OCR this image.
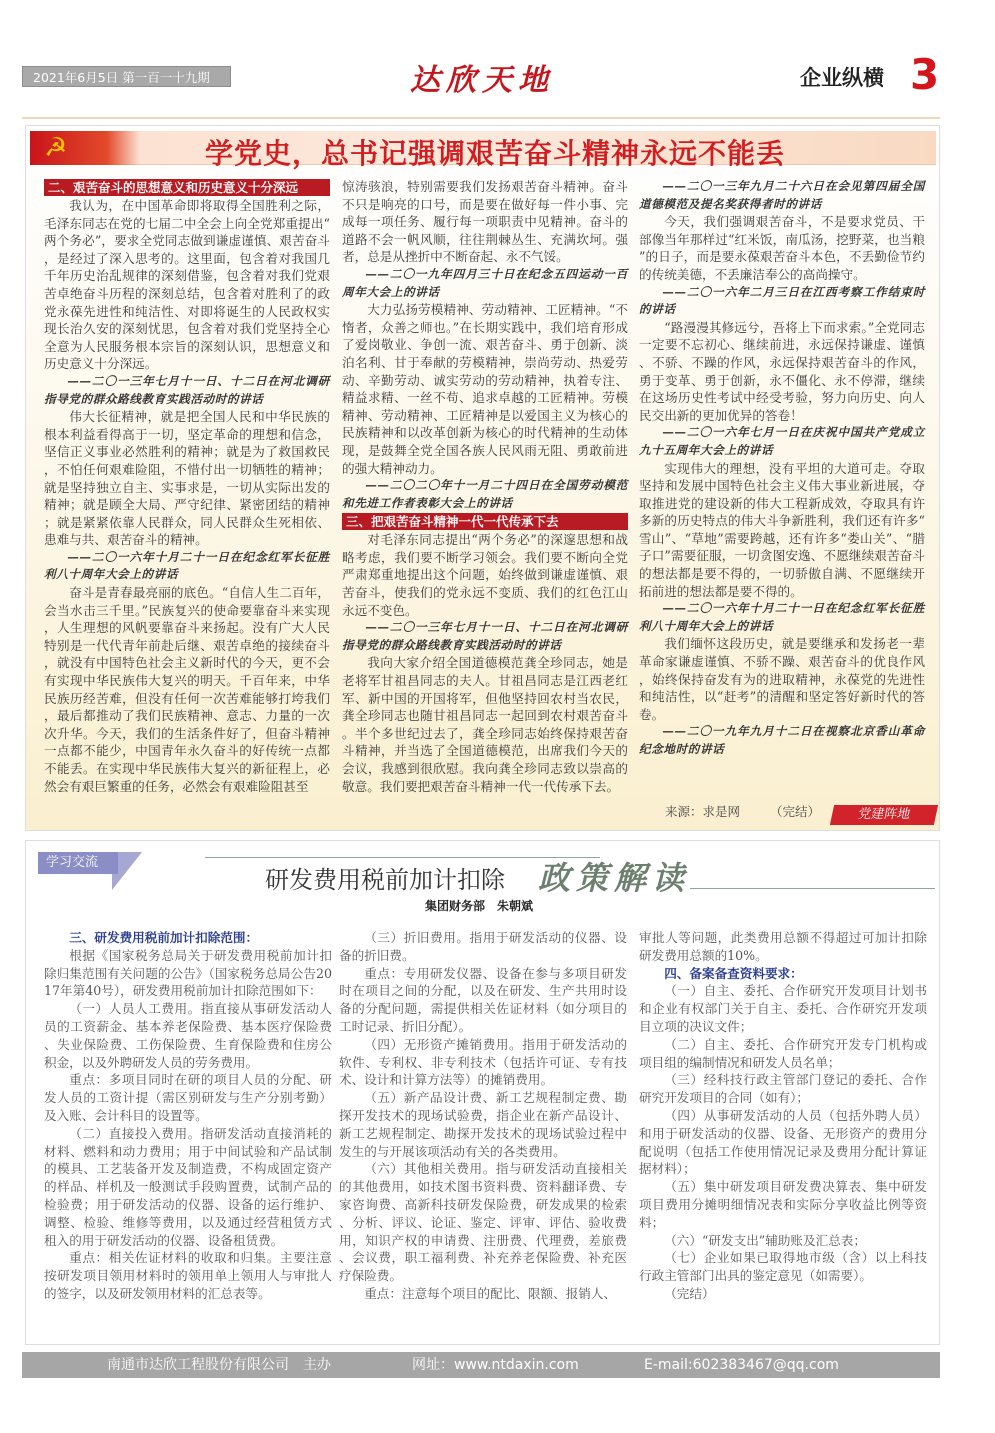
2021年6月5日 第一百一十九期	达欣天地	企业纵横 3
☭	学党史，总书记强调艰苦奋斗精神永远不能丢
二、艰苦奋斗的思想意义和历史意义十分深远

我认为，在中国革命即将取得全国胜利之际，毛泽东同志在党的七届二中全会上向全党郑重提出“两个务必”，要求全党同志做到谦虚谨慎、艰苦奋斗，是经过了深入思考的。这里面，包含着对我国几千年历史治乱规律的深刻借鉴，包含着对我们党艰苦卓绝奋斗历程的深刻总结，包含着对胜利了的政党永葆先进性和纯洁性、对即将诞生的人民政权实现长治久安的深刻忧思，包含着对我们党坚持全心全意为人民服务根本宗旨的深刻认识，思想意义和历史意义十分深远。

——二〇一三年七月十一日、十二日在河北调研指导党的群众路线教育实践活动时的讲话

伟大长征精神，就是把全国人民和中华民族的根本利益看得高于一切，坚定革命的理想和信念，坚信正义事业必然胜利的精神；就是为了救国救民，不怕任何艰难险阻，不惜付出一切牺牲的精神；就是坚持独立自主、实事求是，一切从实际出发的精神；就是顾全大局、严守纪律、紧密团结的精神；就是紧紧依靠人民群众，同人民群众生死相依、患难与共、艰苦奋斗的精神。

——二〇一六年十月二十一日在纪念红军长征胜利八十周年大会上的讲话

奋斗是青春最亮丽的底色。“自信人生二百年，会当水击三千里。”民族复兴的使命要靠奋斗来实现，人生理想的风帆要靠奋斗来扬起。没有广大人民特别是一代代青年前赴后继、艰苦卓绝的接续奋斗，就没有中国特色社会主义新时代的今天，更不会有实现中华民族伟大复兴的明天。千百年来，中华民族历经苦难，但没有任何一次苦难能够打垮我们，最后都推动了我们民族精神、意志、力量的一次次升华。今天，我们的生活条件好了，但奋斗精神一点都不能少，中国青年永久奋斗的好传统一点都不能丢。在实现中华民族伟大复兴的新征程上，必然会有艰巨繁重的任务，必然会有艰难险阻甚至

惊涛骇浪，特别需要我们发扬艰苦奋斗精神。奋斗不只是响亮的口号，而是要在做好每一件小事、完成每一项任务、履行每一项职责中见精神。奋斗的道路不会一帆风顺，往往荆棘丛生、充满坎坷。强者，总是从挫折中不断奋起、永不气馁。

——二〇一九年四月三十日在纪念五四运动一百周年大会上的讲话

大力弘扬劳模精神、劳动精神、工匠精神。“不惰者，众善之师也。”在长期实践中，我们培育形成了爱岗敬业、争创一流、艰苦奋斗、勇于创新、淡泊名利、甘于奉献的劳模精神，崇尚劳动、热爱劳动、辛勤劳动、诚实劳动的劳动精神，执着专注、精益求精、一丝不苟、追求卓越的工匠精神。劳模精神、劳动精神、工匠精神是以爱国主义为核心的民族精神和以改革创新为核心的时代精神的生动体现，是鼓舞全党全国各族人民风雨无阻、勇敢前进的强大精神动力。

——二〇二〇年十一月二十四日在全国劳动模范和先进工作者表彰大会上的讲话

三、把艰苦奋斗精神一代一代传承下去

对毛泽东同志提出“两个务必”的深邃思想和战略考虑，我们要不断学习领会。我们要不断向全党严肃郑重地提出这个问题，始终做到谦虚谨慎、艰苦奋斗，使我们的党永远不变质、我们的红色江山永远不变色。

——二〇一三年七月十一日、十二日在河北调研指导党的群众路线教育实践活动时的讲话

我向大家介绍全国道德模范龚全珍同志，她是老将军甘祖昌同志的夫人。甘祖昌同志是江西老红军、新中国的开国将军，但他坚持回农村当农民，龚全珍同志也随甘祖昌同志一起回到农村艰苦奋斗。半个多世纪过去了，龚全珍同志始终保持艰苦奋斗精神，并当选了全国道德模范，出席我们今天的会议，我感到很欣慰。我向龚全珍同志致以崇高的敬意。我们要把艰苦奋斗精神一代一代传承下去。

——二〇一三年九月二十六日在会见第四届全国道德模范及提名奖获得者时的讲话

今天，我们强调艰苦奋斗，不是要求党员、干部像当年那样过“红米饭，南瓜汤，挖野菜，也当粮”的日子，而是要永葆艰苦奋斗本色，不丢勤俭节约的传统美德，不丢廉洁奉公的高尚操守。

——二〇一六年二月三日在江西考察工作结束时的讲话

“路漫漫其修远兮，吾将上下而求索。”全党同志一定要不忘初心、继续前进，永远保持谦虚、谨慎、不骄、不躁的作风，永远保持艰苦奋斗的作风，勇于变革、勇于创新，永不僵化、永不停滞，继续在这场历史性考试中经受考验，努力向历史、向人民交出新的更加优异的答卷！

——二〇一六年七月一日在庆祝中国共产党成立九十五周年大会上的讲话

实现伟大的理想，没有平坦的大道可走。夺取坚持和发展中国特色社会主义伟大事业新进展，夺取推进党的建设新的伟大工程新成效，夺取具有许多新的历史特点的伟大斗争新胜利，我们还有许多“雪山”、“草地”需要跨越，还有许多“娄山关”、“腊子口”需要征服，一切贪图安逸、不愿继续艰苦奋斗的想法都是要不得的，一切骄傲自满、不愿继续开拓前进的想法都是要不得的。

——二〇一六年十月二十一日在纪念红军长征胜利八十周年大会上的讲话

我们缅怀这段历史，就是要继承和发扬老一辈革命家谦虚谨慎、不骄不躁、艰苦奋斗的优良作风，始终保持奋发有为的进取精神，永葆党的先进性和纯洁性，以“赶考”的清醒和坚定答好新时代的答卷。

——二〇一九年九月十二日在视察北京香山革命纪念地时的讲话

来源：求是网 （完结）	党建阵地
学习交流
研发费用税前加计扣除 政策解读
集团财务部　朱朝斌
三、研发费用税前加计扣除范围：

根据《国家税务总局关于研发费用税前加计扣除归集范围有关问题的公告》（国家税务总局公告2017年第40号），研发费用税前加计扣除范围如下：

（一）人员人工费用。指直接从事研发活动人员的工资薪金、基本养老保险费、基本医疗保险费、失业保险费、工伤保险费、生育保险费和住房公积金，以及外聘研发人员的劳务费用。

重点：多项目同时在研的项目人员的分配、研发人员的工资计提（需区别研发与生产分别考勤）及入账、会计科目的设置等。

（二）直接投入费用。指研发活动直接消耗的材料、燃料和动力费用；用于中间试验和产品试制的模具、工艺装备开发及制造费，不构成固定资产的样品、样机及一般测试手段购置费，试制产品的检验费；用于研发活动的仪器、设备的运行维护、调整、检验、维修等费用，以及通过经营租赁方式租入的用于研发活动的仪器、设备租赁费。

重点：相关佐证材料的收取和归集。主要注意按研发项目领用材料时的领用单上领用人与审批人的签字，以及研发领用材料的汇总表等。

（三）折旧费用。指用于研发活动的仪器、设备的折旧费。

重点：专用研发仪器、设备在参与多项目研发时在项目之间的分配，以及在研发、生产共用时设备的分配问题，需提供相关佐证材料（如分项目的工时记录、折旧分配）。

（四）无形资产摊销费用。指用于研发活动的软件、专利权、非专利技术（包括许可证、专有技术、设计和计算方法等）的摊销费用。

（五）新产品设计费、新工艺规程制定费、勘探开发技术的现场试验费，指企业在新产品设计、新工艺规程制定、勘探开发技术的现场试验过程中发生的与开展该项活动有关的各类费用。

（六）其他相关费用。指与研发活动直接相关的其他费用，如技术图书资料费、资料翻译费、专家咨询费、高新科技研发保险费，研发成果的检索、分析、评议、论证、鉴定、评审、评估、验收费用，知识产权的申请费、注册费、代理费，差旅费、会议费，职工福利费、补充养老保险费、补充医疗保险费。

重点：注意每个项目的配比、限额、报销人、

审批人等问题，此类费用总额不得超过可加计扣除研发费用总额的10%。

四、备案备查资料要求：

（一）自主、委托、合作研究开发项目计划书和企业有权部门关于自主、委托、合作研究开发项目立项的决议文件；

（二）自主、委托、合作研究开发专门机构或项目组的编制情况和研发人员名单；

（三）经科技行政主管部门登记的委托、合作研究开发项目的合同（如有）；

（四）从事研发活动的人员（包括外聘人员）和用于研发活动的仪器、设备、无形资产的费用分配说明（包括工作使用情况记录及费用分配计算证据材料）；

（五）集中研发项目研发费决算表、集中研发项目费用分摊明细情况表和实际分享收益比例等资料；

（六）“研发支出”辅助账及汇总表；

（七）企业如果已取得地市级（含）以上科技行政主管部门出具的鉴定意见（如需要）。

（完结）

南通市达欣工程股份有限公司　主办	网址：www.ntdaxin.com	E-mail:602383467@qq.com
